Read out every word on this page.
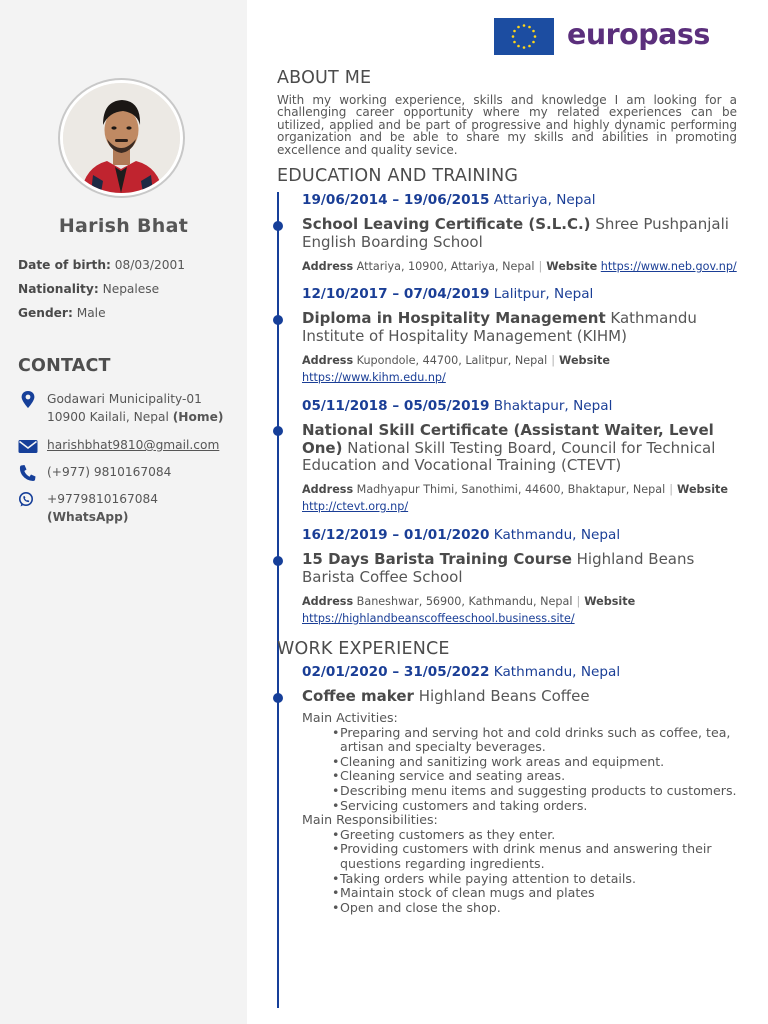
Harish Bhat
Date of birth: 08/03/2001
Nationality: Nepalese
Gender: Male
CONTACT
Godawari Municipality-01
10900 Kailali, Nepal (Home)
harishbhat9810@gmail.com
(+977) 9810167084
+9779810167084
(WhatsApp)
europass
ABOUT ME
With my working experience, skills and knowledge I am looking for a challenging career opportunity where my related experiences can be utilized, applied and be part of progressive and highly dynamic performing organization and be able to share my skills and abilities in promoting excellence and quality sevice.
EDUCATION AND TRAINING
19/06/2014 – 19/06/2015 Attariya, Nepal
School Leaving Certificate (S.L.C.) Shree Pushpanjali English Boarding School
Address Attariya, 10900, Attariya, Nepal | Website https://www.neb.gov.np/
12/10/2017 – 07/04/2019 Lalitpur, Nepal
Diploma in Hospitality Management Kathmandu Institute of Hospitality Management (KIHM)
Address Kupondole, 44700, Lalitpur, Nepal | Website https://www.kihm.edu.np/
05/11/2018 – 05/05/2019 Bhaktapur, Nepal
National Skill Certificate (Assistant Waiter, Level One) National Skill Testing Board, Council for Technical Education and Vocational Training (CTEVT)
Address Madhyapur Thimi, Sanothimi, 44600, Bhaktapur, Nepal | Website http://ctevt.org.np/
16/12/2019 – 01/01/2020 Kathmandu, Nepal
15 Days Barista Training Course Highland Beans Barista Coffee School
Address Baneshwar, 56900, Kathmandu, Nepal | Website https://highlandbeanscoffeeschool.business.site/
WORK EXPERIENCE
02/01/2020 – 31/05/2022 Kathmandu, Nepal
Coffee maker Highland Beans Coffee
Main Activities:
• Preparing and serving hot and cold drinks such as coffee, tea, artisan and specialty beverages.
• Cleaning and sanitizing work areas and equipment.
• Cleaning service and seating areas.
• Describing menu items and suggesting products to customers.
• Servicing customers and taking orders.
Main Responsibilities:
• Greeting customers as they enter.
• Providing customers with drink menus and answering their questions regarding ingredients.
• Taking orders while paying attention to details.
• Maintain stock of clean mugs and plates
• Open and close the shop.
